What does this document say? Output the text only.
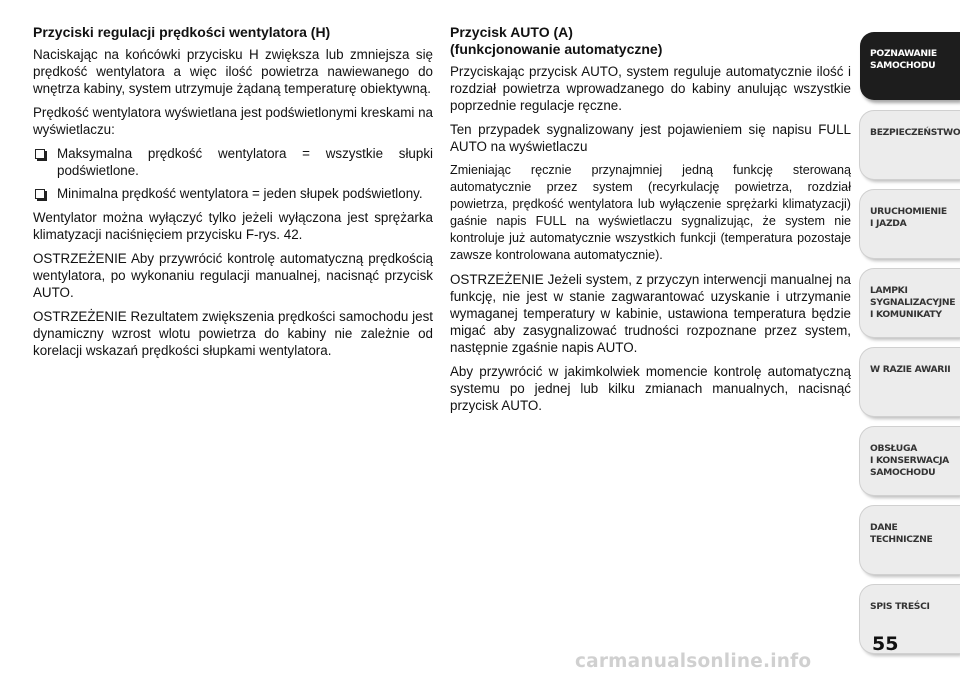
Przyciski regulacji prędkości wentylatora (H)

Naciskając na końcówki przycisku H zwiększa lub zmniejsza się prędkość wentylatora a więc ilość powietrza nawiewanego do wnętrza kabiny, system utrzymuje żądaną temperaturę obiektywną.

Prędkość wentylatora wyświetlana jest podświetlonymi kreskami na wyświetlaczu:

Maksymalna prędkość wentylatora = wszystkie słupki podświetlone.
Minimalna prędkość wentylatora = jeden słupek podświetlony.

Wentylator można wyłączyć tylko jeżeli wyłączona jest sprężarka klimatyzacji naciśnięciem przycisku F-rys. 42.

OSTRZEŻENIE Aby przywrócić kontrolę automatyczną prędkością wentylatora, po wykonaniu regulacji manualnej, nacisnąć przycisk AUTO.

OSTRZEŻENIE Rezultatem zwiększenia prędkości samochodu jest dynamiczny wzrost wlotu powietrza do kabiny nie zależnie od korelacji wskazań prędkości słupkami wentylatora.

Przycisk AUTO (A)
(funkcjonowanie automatyczne)

Przyciskając przycisk AUTO, system reguluje automatycznie ilość i rozdział powietrza wprowadzanego do kabiny anulując wszystkie poprzednie regulacje ręczne.

Ten przypadek sygnalizowany jest pojawieniem się napisu FULL AUTO na wyświetlaczu

Zmieniając ręcznie przynajmniej jedną funkcję sterowaną automatycznie przez system (recyrkulację powietrza, rozdział powietrza, prędkość wentylatora lub wyłączenie sprężarki klimatyzacji) gaśnie napis FULL na wyświetlaczu sygnalizując, że system nie kontroluje już automatycznie wszystkich funkcji (temperatura pozostaje zawsze kontrolowana automatycznie).

OSTRZEŻENIE Jeżeli system, z przyczyn interwencji manualnej na funkcję, nie jest w stanie zagwarantować uzyskanie i utrzymanie wymaganej temperatury w kabinie, ustawiona temperatura będzie migać aby zasygnalizować trudności rozpoznane przez system, następnie zgaśnie napis AUTO.

Aby przywrócić w jakimkolwiek momencie kontrolę automatyczną systemu po jednej lub kilku zmianach manualnych, nacisnąć przycisk AUTO.

POZNAWANIE
SAMOCHODU
BEZPIECZEŃSTWO
URUCHOMIENIE
I JAZDA
LAMPKI
SYGNALIZACYJNE
I KOMUNIKATY
W RAZIE AWARII
OBSŁUGA
I KONSERWACJA
SAMOCHODU
DANE
TECHNICZNE
SPIS TREŚCI
55
carmanualsonline.info
